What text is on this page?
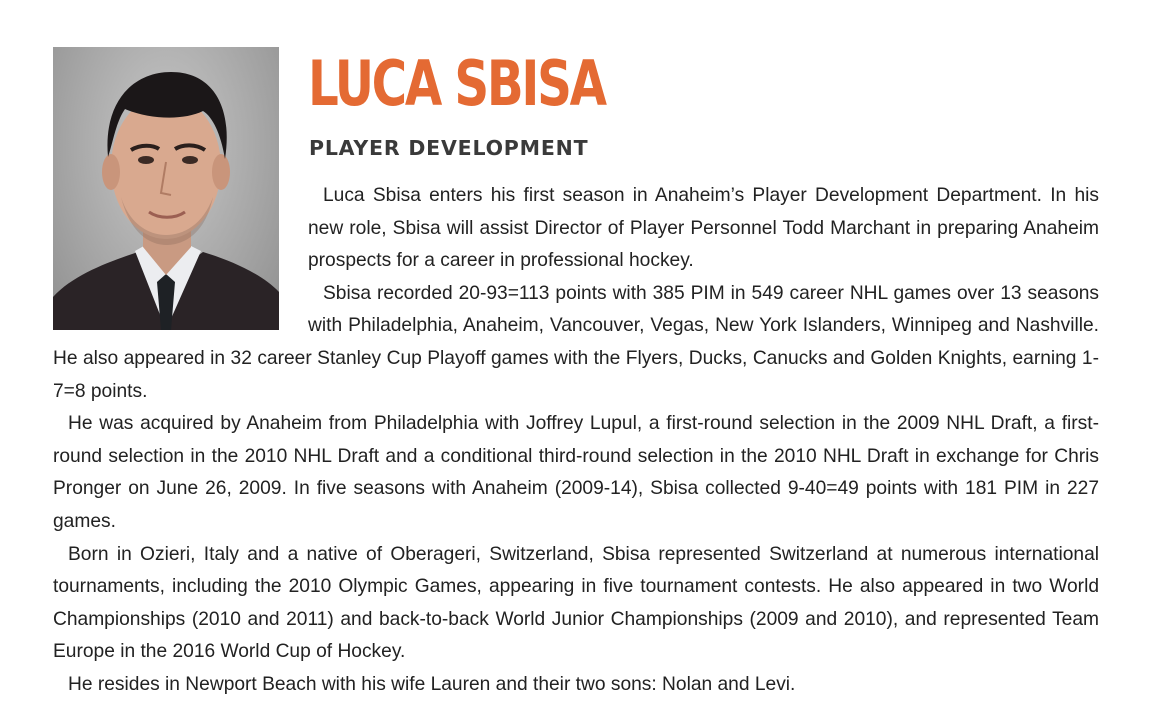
LUCA SBISA
PLAYER DEVELOPMENT

Luca Sbisa enters his first season in Anaheim’s Player Development Department. In his new role, Sbisa will assist Director of Player Personnel Todd Marchant in preparing Anaheim prospects for a career in professional hockey.

Sbisa recorded 20-93=113 points with 385 PIM in 549 career NHL games over 13 seasons with Philadelphia, Anaheim, Vancouver, Vegas, New York Islanders, Winnipeg and Nashville. He also appeared in 32 career Stanley Cup Playoff games with the Flyers, Ducks, Canucks and Golden Knights, earning 1-7=8 points.

He was acquired by Anaheim from Philadelphia with Joffrey Lupul, a first-round selection in the 2009 NHL Draft, a first-round selection in the 2010 NHL Draft and a conditional third-round selection in the 2010 NHL Draft in exchange for Chris Pronger on June 26, 2009. In five seasons with Anaheim (2009-14), Sbisa collected 9-40=49 points with 181 PIM in 227 games.

Born in Ozieri, Italy and a native of Oberageri, Switzerland, Sbisa represented Switzerland at numerous international tournaments, including the 2010 Olympic Games, appearing in five tournament contests. He also appeared in two World Championships (2010 and 2011) and back-to-back World Junior Championships (2009 and 2010), and represented Team Europe in the 2016 World Cup of Hockey.

He resides in Newport Beach with his wife Lauren and their two sons: Nolan and Levi.
